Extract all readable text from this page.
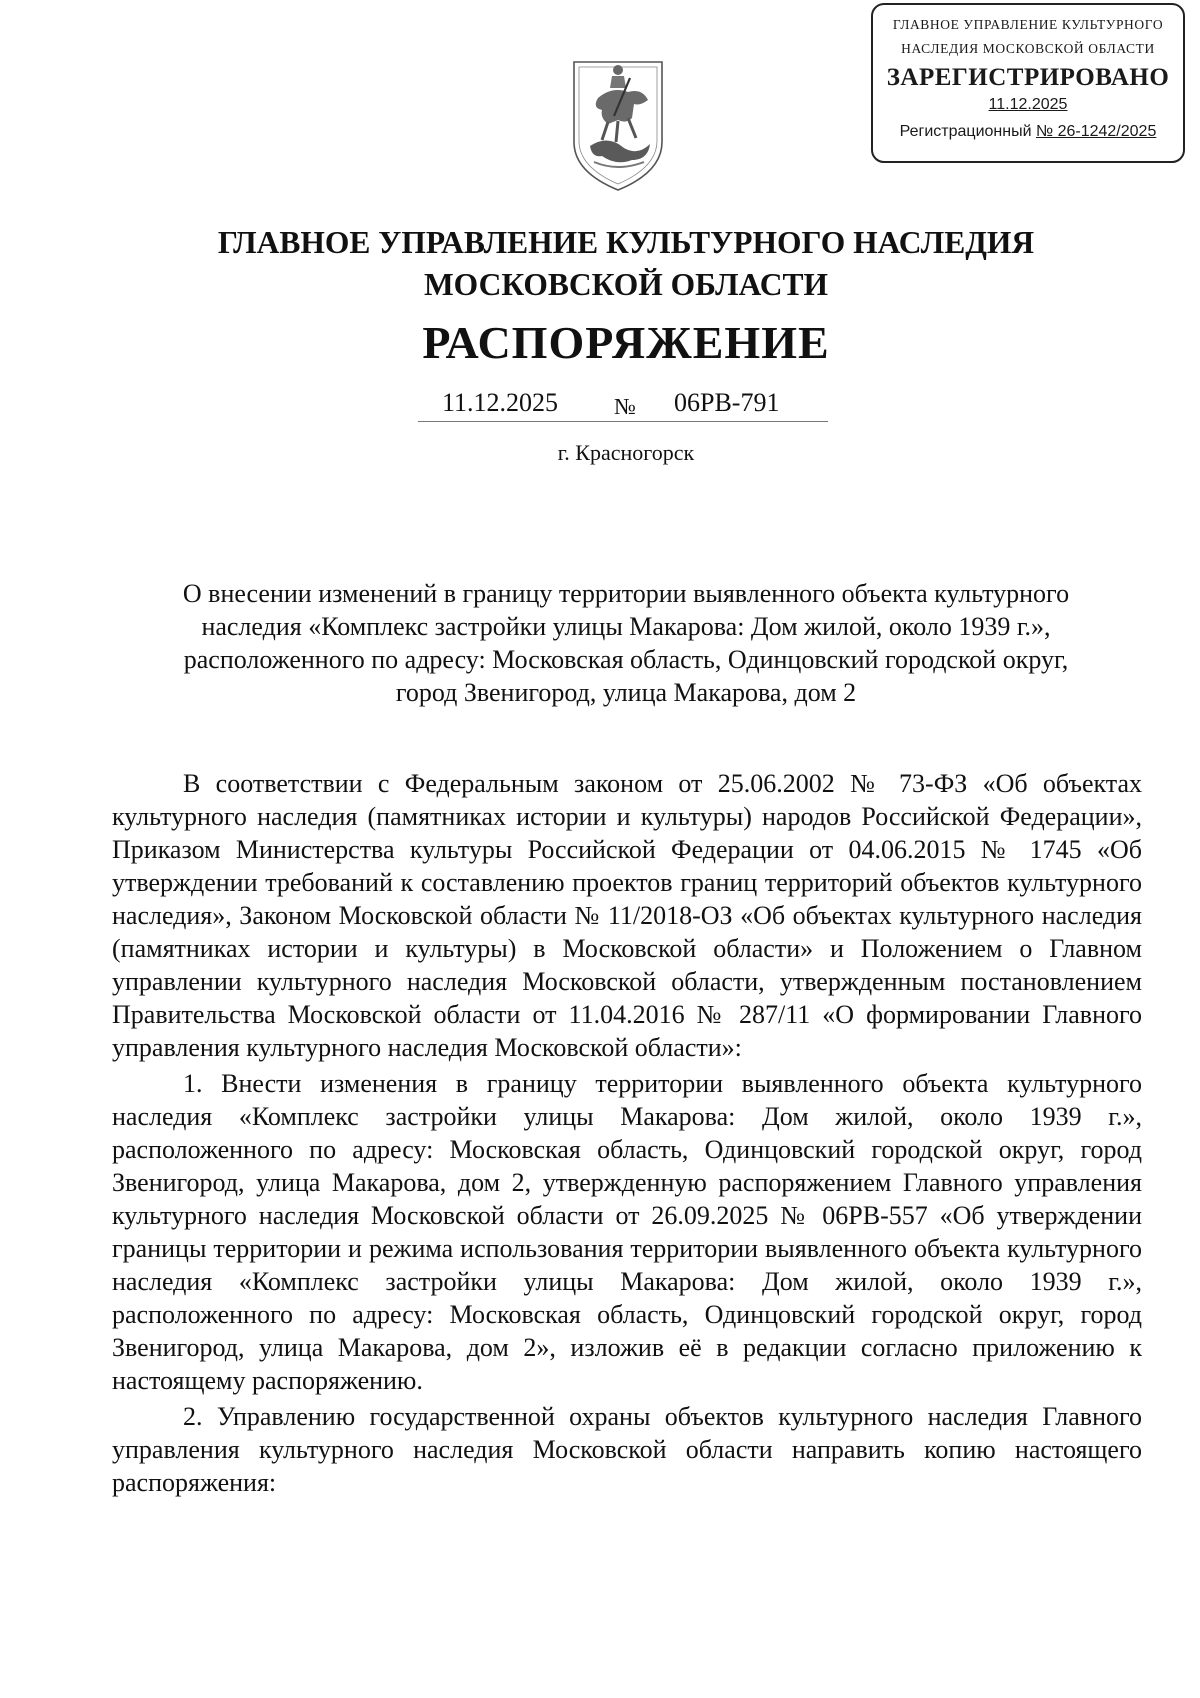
ГЛАВНОЕ УПРАВЛЕНИЕ КУЛЬТУРНОГО
НАСЛЕДИЯ МОСКОВСКОЙ ОБЛАСТИ
ЗАРЕГИСТРИРОВАНО
11.12.2025
Регистрационный № 26-1242/2025
ГЛАВНОЕ УПРАВЛЕНИЕ КУЛЬТУРНОГО НАСЛЕДИЯ
МОСКОВСКОЙ ОБЛАСТИ
РАСПОРЯЖЕНИЕ
11.12.2025 № 06РВ-791
г. Красногорск
О внесении изменений в границу территории выявленного объекта культурного
наследия «Комплекс застройки улицы Макарова: Дом жилой, около 1939 г.»,
расположенного по адресу: Московская область, Одинцовский городской округ,
город Звенигород, улица Макарова, дом 2

В соответствии с Федеральным законом от 25.06.2002 № 73-ФЗ «Об объектах культурного наследия (памятниках истории и культуры) народов Российской Федерации», Приказом Министерства культуры Российской Федерации от 04.06.2015 № 1745 «Об утверждении требований к составлению проектов границ территорий объектов культурного наследия», Законом Московской области № 11/2018-ОЗ «Об объектах культурного наследия (памятниках истории и культуры) в Московской области» и Положением о Главном управлении культурного наследия Московской области, утвержденным постановлением Правительства Московской области от 11.04.2016 № 287/11 «О формировании Главного управления культурного наследия Московской области»:

1. Внести изменения в границу территории выявленного объекта культурного наследия «Комплекс застройки улицы Макарова: Дом жилой, около 1939 г.», расположенного по адресу: Московская область, Одинцовский городской округ, город Звенигород, улица Макарова, дом 2, утвержденную распоряжением Главного управления культурного наследия Московской области от 26.09.2025 № 06РВ-557 «Об утверждении границы территории и режима использования территории выявленного объекта культурного наследия «Комплекс застройки улицы Макарова: Дом жилой, около 1939 г.», расположенного по адресу: Московская область, Одинцовский городской округ, город Звенигород, улица Макарова, дом 2», изложив её в редакции согласно приложению к настоящему распоряжению.

2. Управлению государственной охраны объектов культурного наследия Главного управления культурного наследия Московской области направить копию настоящего распоряжения:
